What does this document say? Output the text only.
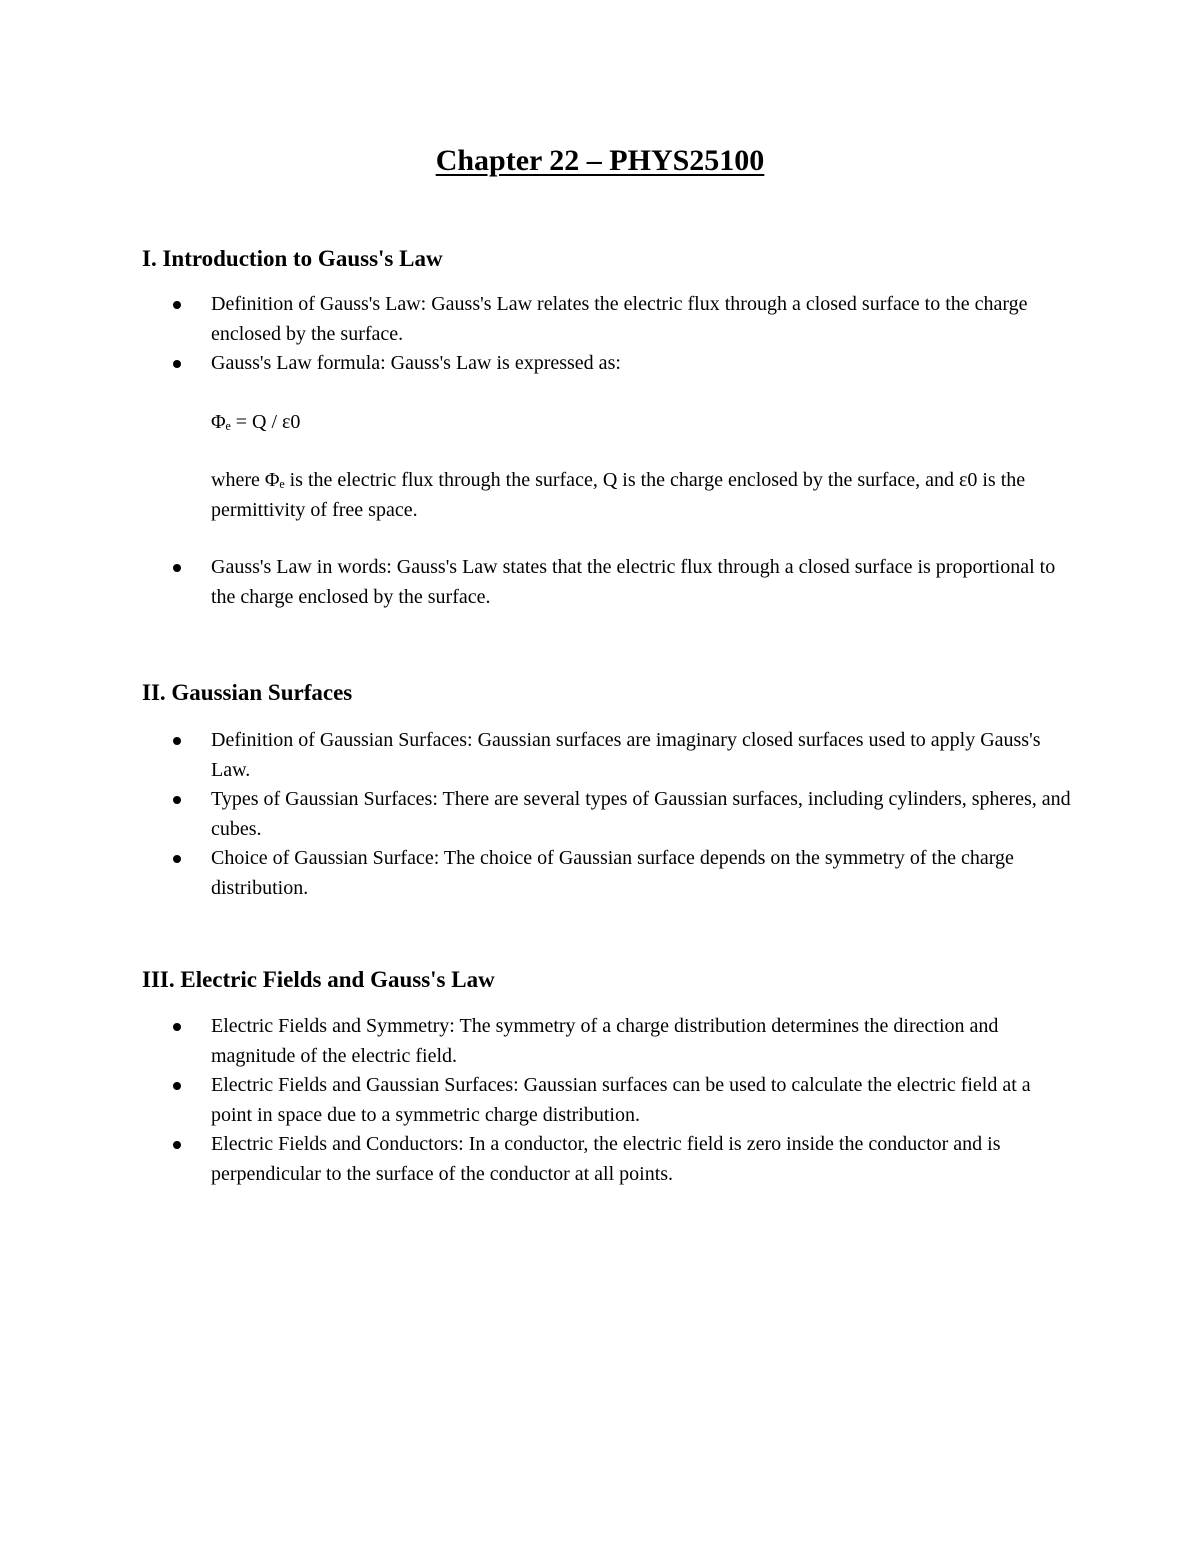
Chapter 22 – PHYS25100
I. Introduction to Gauss's Law
Definition of Gauss's Law: Gauss's Law relates the electric flux through a closed surface to the charge enclosed by the surface.
Gauss's Law formula: Gauss's Law is expressed as:
Φₑ = Q / ε0
where Φₑ is the electric flux through the surface, Q is the charge enclosed by the surface, and ε0 is the permittivity of free space.
Gauss's Law in words: Gauss's Law states that the electric flux through a closed surface is proportional to the charge enclosed by the surface.
II. Gaussian Surfaces
Definition of Gaussian Surfaces: Gaussian surfaces are imaginary closed surfaces used to apply Gauss's Law.
Types of Gaussian Surfaces: There are several types of Gaussian surfaces, including cylinders, spheres, and cubes.
Choice of Gaussian Surface: The choice of Gaussian surface depends on the symmetry of the charge distribution.
III. Electric Fields and Gauss's Law
Electric Fields and Symmetry: The symmetry of a charge distribution determines the direction and magnitude of the electric field.
Electric Fields and Gaussian Surfaces: Gaussian surfaces can be used to calculate the electric field at a point in space due to a symmetric charge distribution.
Electric Fields and Conductors: In a conductor, the electric field is zero inside the conductor and is perpendicular to the surface of the conductor at all points.
